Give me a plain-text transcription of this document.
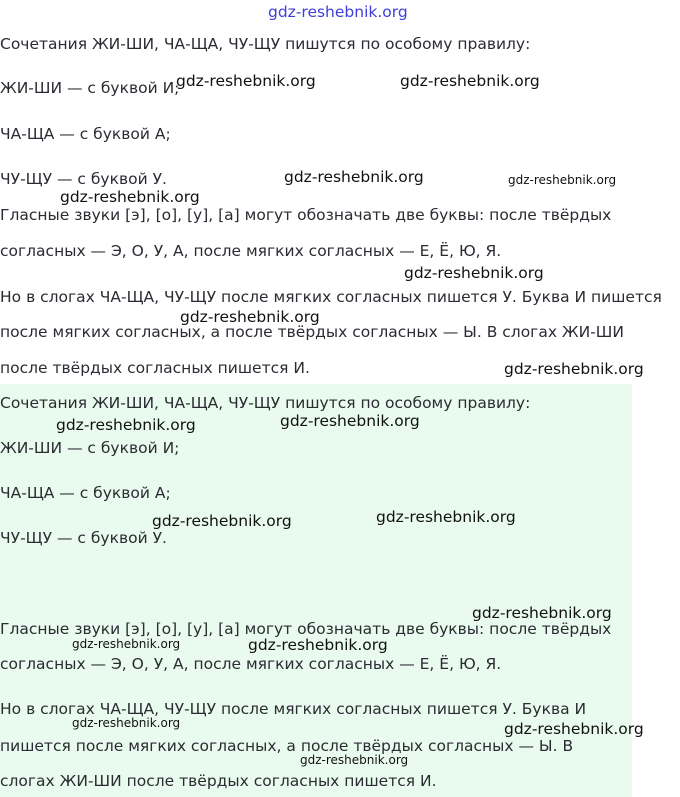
gdz-reshebnik.org

Сочетания ЖИ-ШИ, ЧА-ЩА, ЧУ-ЩУ пишутся по особому правилу:

ЖИ-ШИ — с буквой И;

ЧА-ЩА — с буквой А;

ЧУ-ЩУ — с буквой У.

Гласные звуки [э], [о], [у], [а] могут обозначать две буквы: после твёрдых

согласных — Э, О, У, А, после мягких согласных — Е, Ё, Ю, Я.

Но в слогах ЧА-ЩА, ЧУ-ЩУ после мягких согласных пишется У. Буква И пишется

после мягких согласных, а после твёрдых согласных — Ы. В слогах ЖИ-ШИ

после твёрдых согласных пишется И.

Сочетания ЖИ-ШИ, ЧА-ЩА, ЧУ-ЩУ пишутся по особому правилу:

ЖИ-ШИ — с буквой И;

ЧА-ЩА — с буквой А;

ЧУ-ЩУ — с буквой У.

Гласные звуки [э], [о], [у], [а] могут обозначать две буквы: после твёрдых

согласных — Э, О, У, А, после мягких согласных — Е, Ё, Ю, Я.

Но в слогах ЧА-ЩА, ЧУ-ЩУ после мягких согласных пишется У. Буква И

пишется после мягких согласных, а после твёрдых согласных — Ы. В

слогах ЖИ-ШИ после твёрдых согласных пишется И.

gdz-reshebnik.org	gdz-reshebnik.org
gdz-reshebnik.org	gdz-reshebnik.org
gdz-reshebnik.org
gdz-reshebnik.org
gdz-reshebnik.org
gdz-reshebnik.org
gdz-reshebnik.org
gdz-reshebnik.org
gdz-reshebnik.org
gdz-reshebnik.org
gdz-reshebnik.org
gdz-reshebnik.org
gdz-reshebnik.org
gdz-reshebnik.org	gdz-reshebnik.org
gdz-reshebnik.org
